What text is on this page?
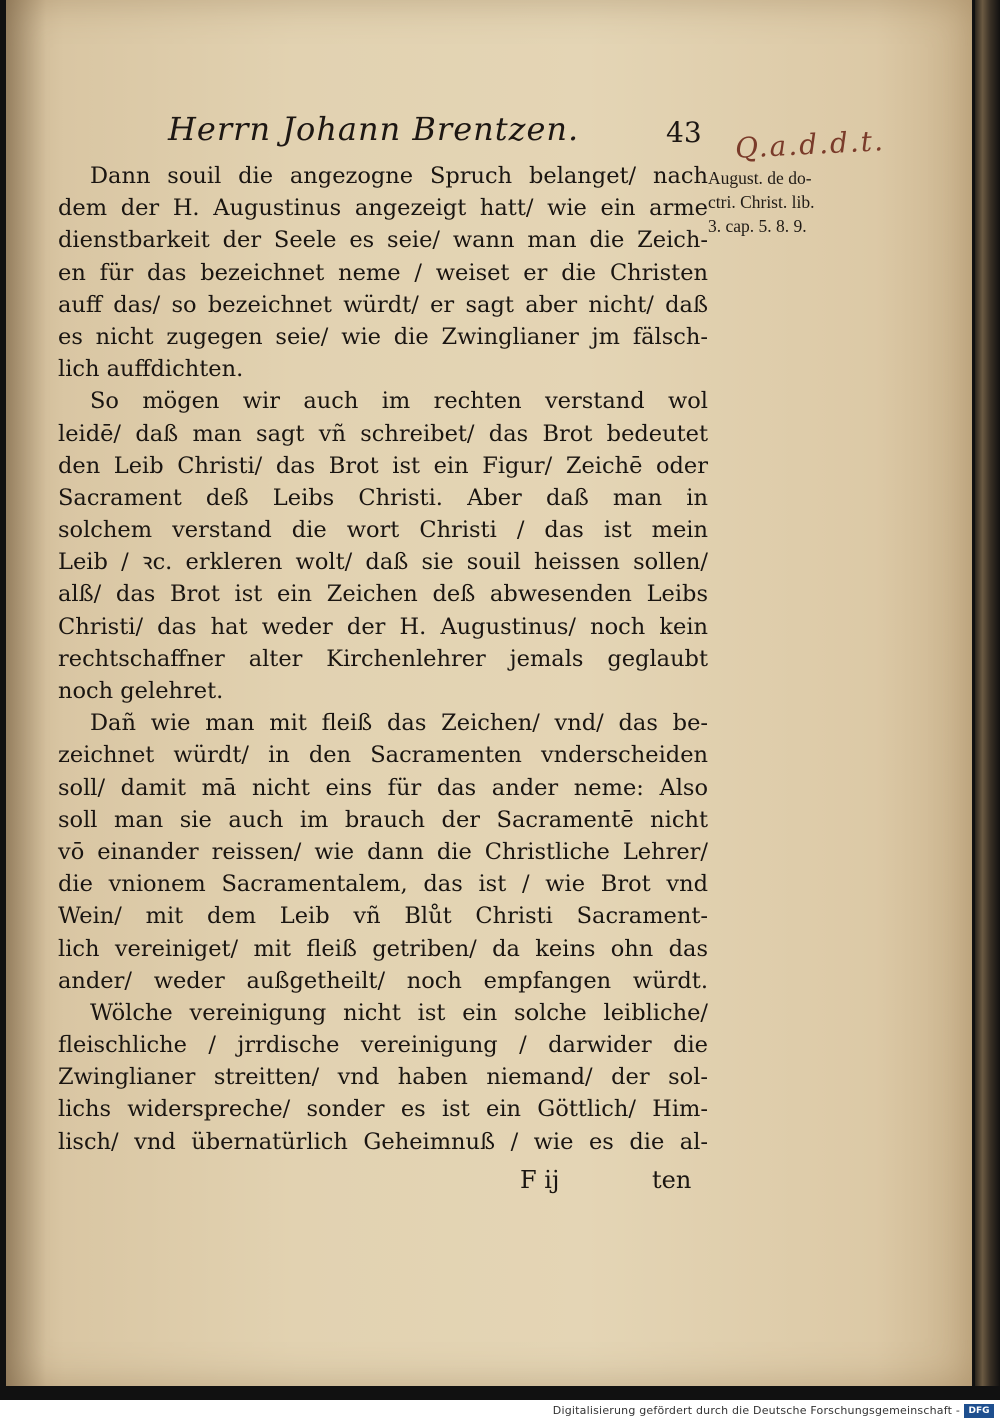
Herrn Johann Brentzen.	43 Q.a.d.d.t.
August. de do-
ctri. Christ. lib.
3. cap. 5. 8. 9.
Dann souil die angezogne Spruch belanget/ nach
dem der H. Augustinus angezeigt hatt/ wie ein arme
dienstbarkeit der Seele es seie/ wann man die Zeich-
en für das bezeichnet neme / weiset er die Christen
auff das/ so bezeichnet würdt/ er sagt aber nicht/ daß
es nicht zugegen seie/ wie die Zwinglianer jm fälsch-
lich auffdichten.
So mögen wir auch im rechten verstand wol
leidē/ daß man sagt vñ schreibet/ das Brot bedeutet
den Leib Christi/ das Brot ist ein Figur/ Zeichē oder
Sacrament deß Leibs Christi. Aber daß man in
solchem verstand die wort Christi / das ist mein
Leib / ꝛc. erkleren wolt/ daß sie souil heissen sollen/
alß/ das Brot ist ein Zeichen deß abwesenden Leibs
Christi/ das hat weder der H. Augustinus/ noch kein
rechtschaffner alter Kirchenlehrer jemals geglaubt
noch gelehret.
Dañ wie man mit fleiß das Zeichen/ vnd/ das be-
zeichnet würdt/ in den Sacramenten vnderscheiden
soll/ damit mā nicht eins für das ander neme: Also
soll man sie auch im brauch der Sacramentē nicht
vō einander reissen/ wie dann die Christliche Lehrer/
die vnionem Sacramentalem, das ist / wie Brot vnd
Wein/ mit dem Leib vñ Blůt Christi Sacrament-
lich vereiniget/ mit fleiß getriben/ da keins ohn das
ander/ weder außgetheilt/ noch empfangen würdt.
Wölche vereinigung nicht ist ein solche leibliche/
fleischliche / jrrdische vereinigung / darwider die
Zwinglianer streitten/ vnd haben niemand/ der sol-
lichs widerspreche/ sonder es ist ein Göttlich/ Him-
lisch/ vnd übernatürlich Geheimnuß / wie es die al-
F ij	ten
Digitalisierung gefördert durch die Deutsche Forschungsgemeinschaft - DFG
